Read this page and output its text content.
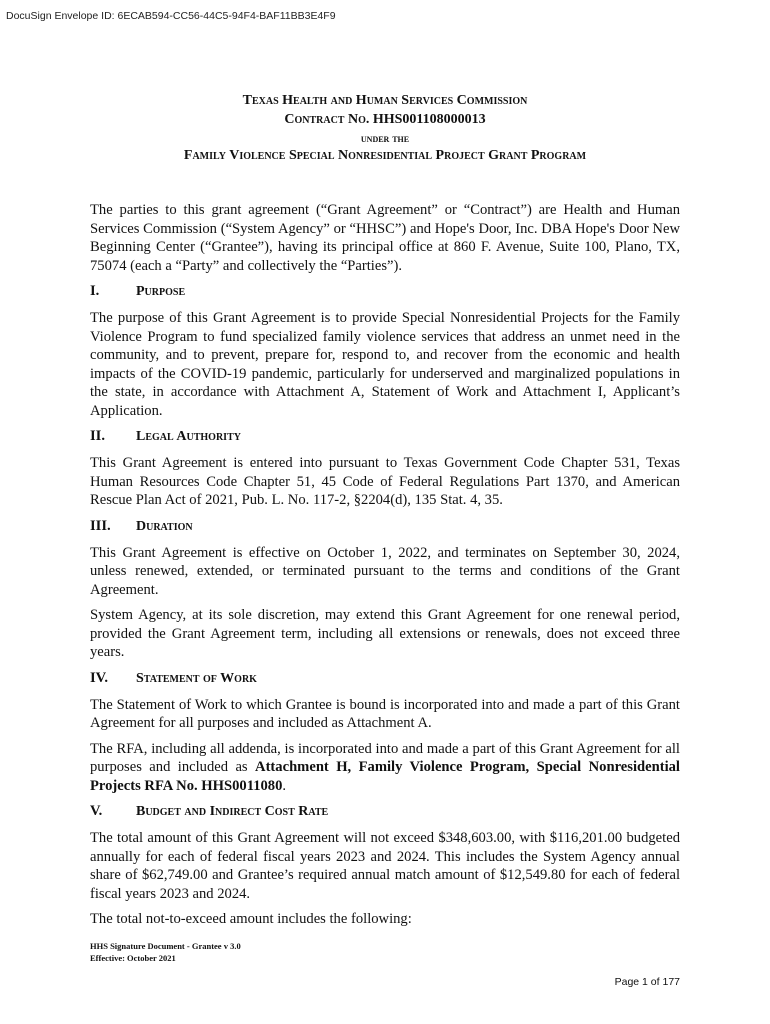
DocuSign Envelope ID: 6ECAB594-CC56-44C5-94F4-BAF11BB3E4F9
Texas Health and Human Services Commission
Contract No. HHS001108000013
under the
Family Violence Special Nonresidential Project Grant Program

The parties to this grant agreement (“Grant Agreement” or “Contract”) are Health and Human Services Commission (“System Agency” or “HHSC”) and Hope's Door, Inc. DBA Hope's Door New Beginning Center (“Grantee”), having its principal office at 860 F. Avenue, Suite 100, Plano, TX, 75074 (each a “Party” and collectively the “Parties”).

I.	Purpose

The purpose of this Grant Agreement is to provide Special Nonresidential Projects for the Family Violence Program to fund specialized family violence services that address an unmet need in the community, and to prevent, prepare for, respond to, and recover from the economic and health impacts of the COVID-19 pandemic, particularly for underserved and marginalized populations in the state, in accordance with Attachment A, Statement of Work and Attachment I, Applicant’s Application.

II.	Legal Authority

This Grant Agreement is entered into pursuant to Texas Government Code Chapter 531, Texas Human Resources Code Chapter 51, 45 Code of Federal Regulations Part 1370, and American Rescue Plan Act of 2021, Pub. L. No. 117-2, §2204(d), 135 Stat. 4, 35.

III.	Duration

This Grant Agreement is effective on October 1, 2022, and terminates on September 30, 2024, unless renewed, extended, or terminated pursuant to the terms and conditions of the Grant Agreement.

System Agency, at its sole discretion, may extend this Grant Agreement for one renewal period, provided the Grant Agreement term, including all extensions or renewals, does not exceed three years.

IV.	Statement of Work

The Statement of Work to which Grantee is bound is incorporated into and made a part of this Grant Agreement for all purposes and included as Attachment A.

The RFA, including all addenda, is incorporated into and made a part of this Grant Agreement for all purposes and included as Attachment H, Family Violence Program, Special Nonresidential Projects RFA No. HHS0011080.

V.	Budget and Indirect Cost Rate

The total amount of this Grant Agreement will not exceed $348,603.00, with $116,201.00 budgeted annually for each of federal fiscal years 2023 and 2024. This includes the System Agency annual share of $62,749.00 and Grantee’s required annual match amount of $12,549.80 for each of federal fiscal years 2023 and 2024.

The total not-to-exceed amount includes the following:

HHS Signature Document - Grantee v 3.0
Effective: October 2021
Page 1 of 177
